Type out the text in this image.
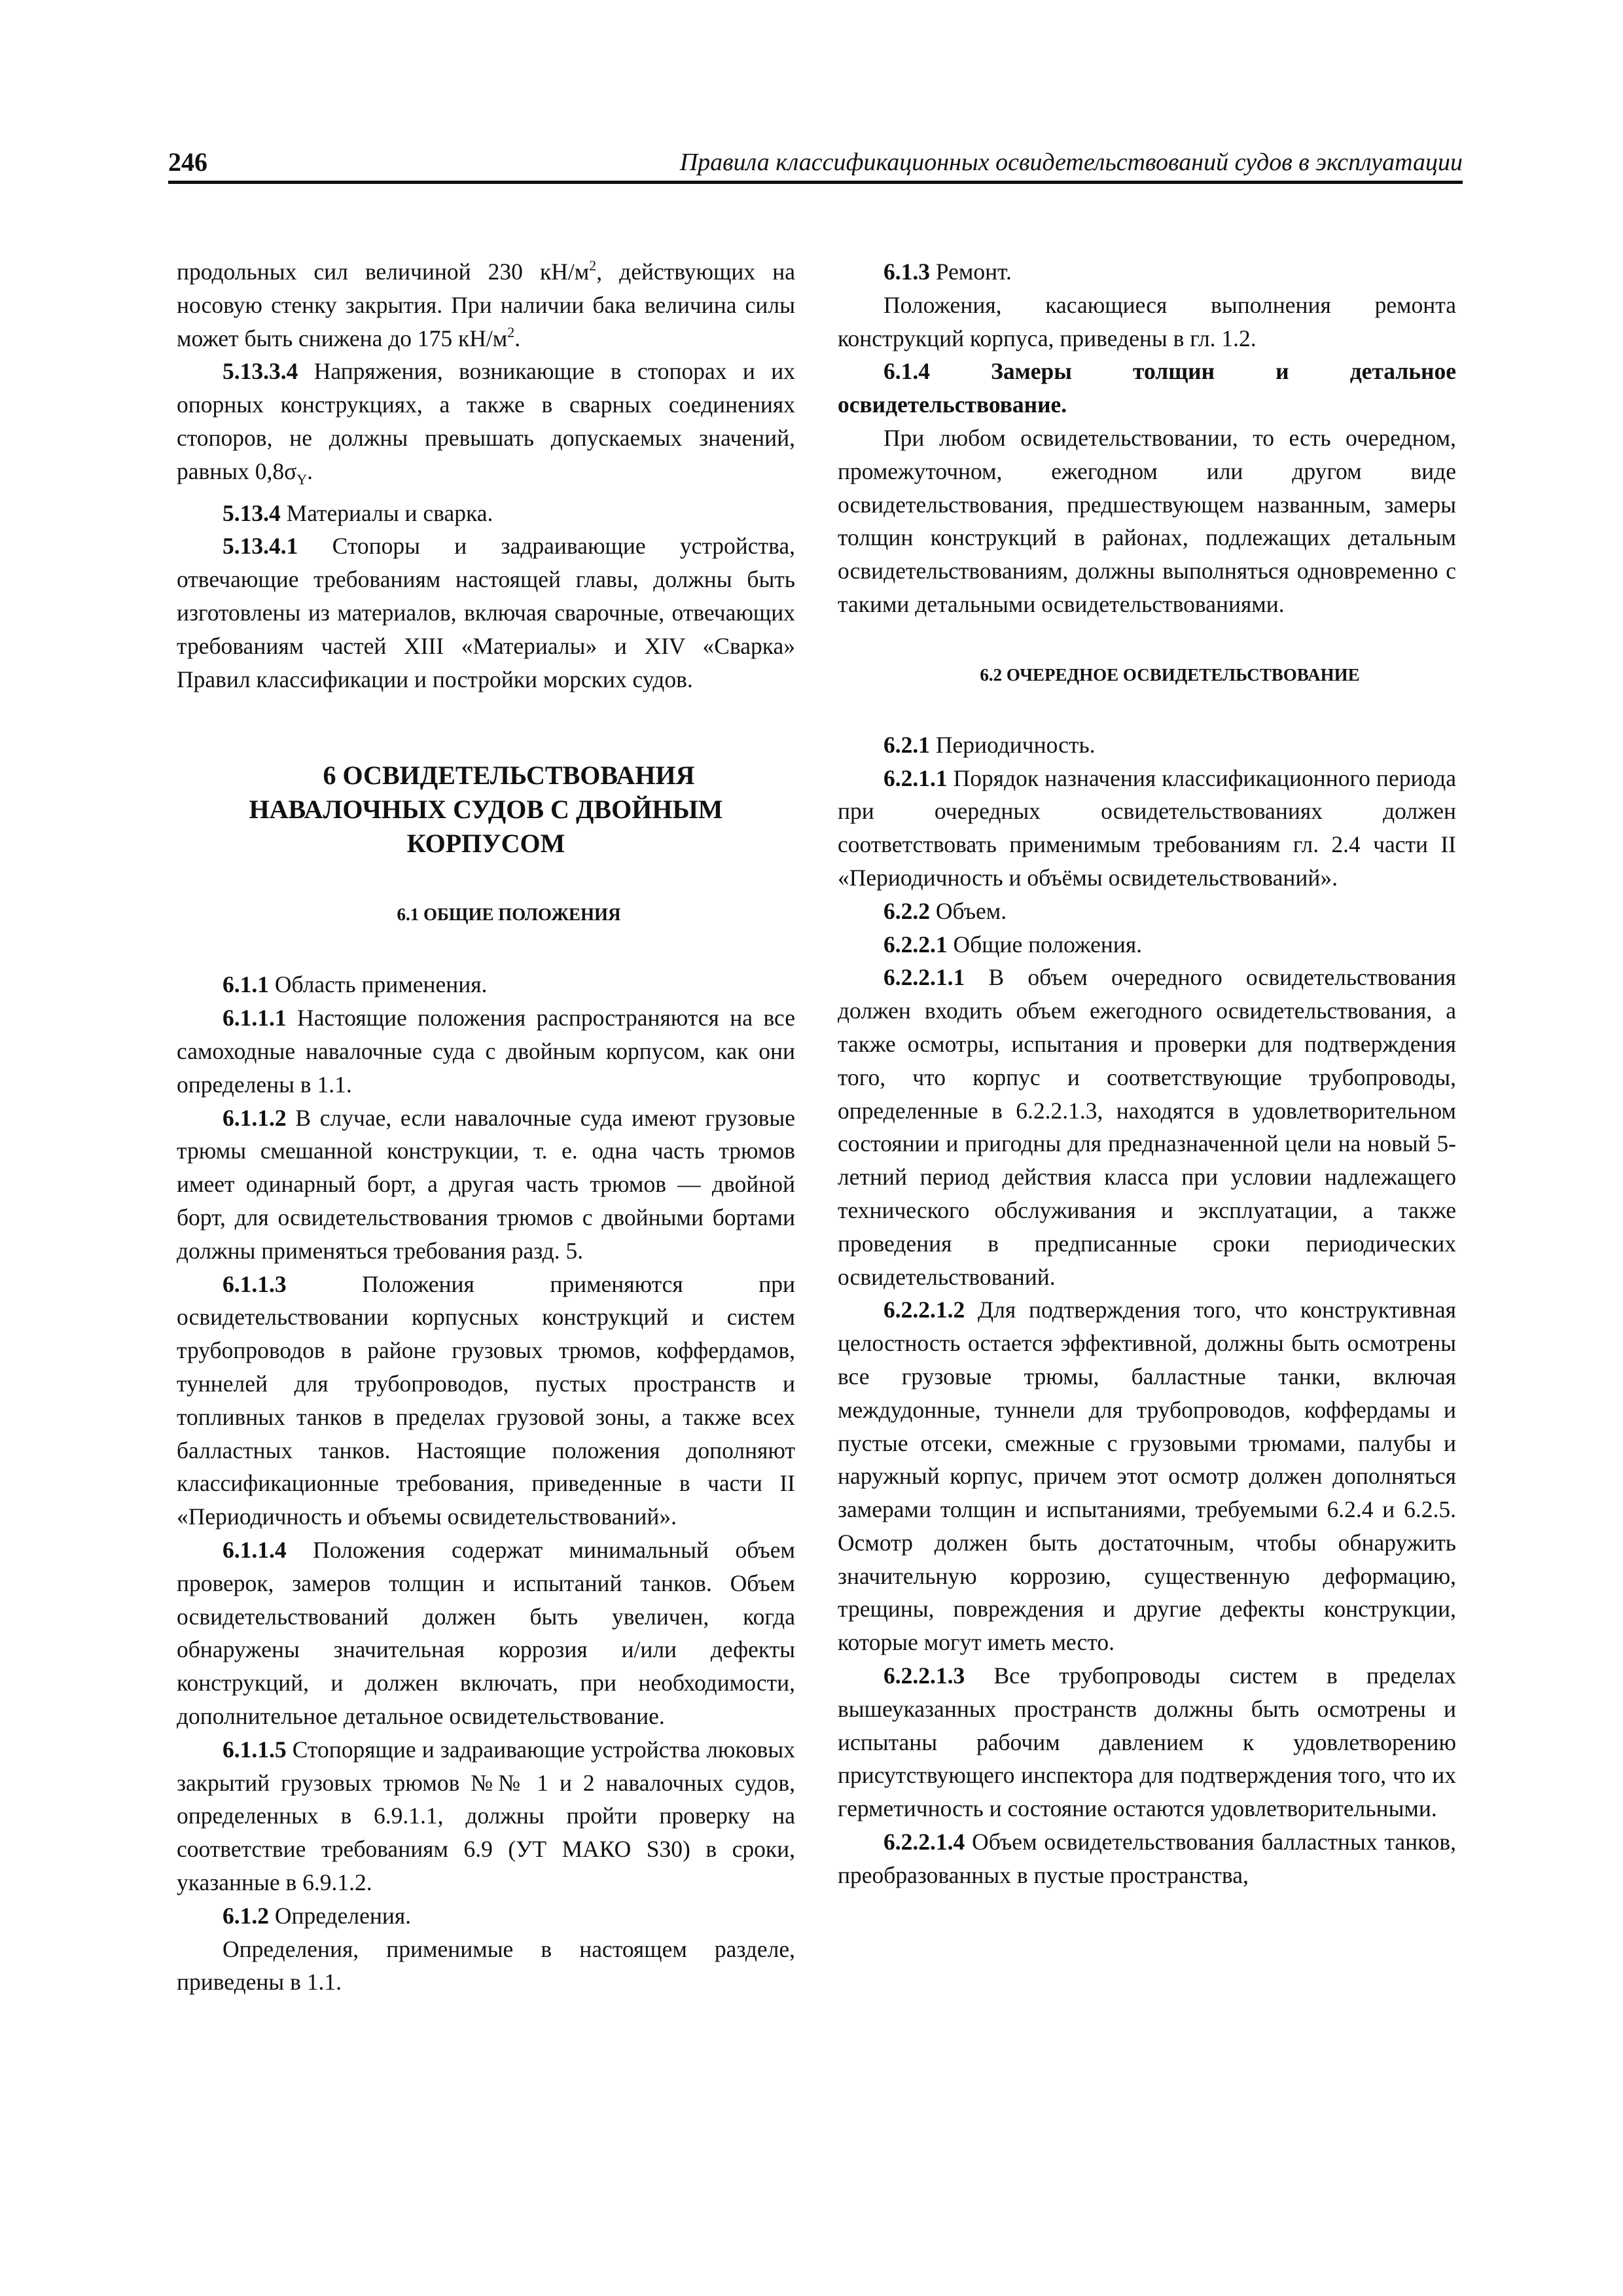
246	Правила классификационных освидетельствований судов в эксплуатации

продольных сил величиной 230 $кН/м^2$, действующих на носовую стенку закрытия. При наличии бака величина силы может быть снижена до 175 $кН/м^2$.

5.13.3.4 Напряжения, возникающие в стопорах и их опорных конструкциях, а также в сварных соединениях стопоров, не должны превышать допускаемых значений, равных $0,8\sigma_Y$.

5.13.4 Материалы и сварка.

5.13.4.1 Стопоры и задраивающие устройства, отвечающие требованиям настоящей главы, должны быть изготовлены из материалов, включая сварочные, отвечающих требованиям частей XIII «Материалы» и XIV «Сварка» Правил классификации и постройки морских судов.

6 ОСВИДЕТЕЛЬСТВОВАНИЯ НАВАЛОЧНЫХ СУДОВ С ДВОЙНЫМ КОРПУСОМ

6.1 ОБЩИЕ ПОЛОЖЕНИЯ

6.1.1 Область применения.

6.1.1.1 Настоящие положения распространяются на все самоходные навалочные суда с двойным корпусом, как они определены в 1.1.

6.1.1.2 В случае, если навалочные суда имеют грузовые трюмы смешанной конструкции, т. е. одна часть трюмов имеет одинарный борт, а другая часть трюмов — двойной борт, для освидетельствования трюмов с двойными бортами должны применяться требования разд. 5.

6.1.1.3 Положения применяются при освидетельствовании корпусных конструкций и систем трубопроводов в районе грузовых трюмов, коффердамов, туннелей для трубопроводов, пустых пространств и топливных танков в пределах грузовой зоны, а также всех балластных танков. Настоящие положения дополняют классификационные требования, приведенные в части II «Периодичность и объемы освидетельствований».

6.1.1.4 Положения содержат минимальный объем проверок, замеров толщин и испытаний танков. Объем освидетельствований должен быть увеличен, когда обнаружены значительная коррозия и/или дефекты конструкций, и должен включать, при необходимости, дополнительное детальное освидетельствование.

6.1.1.5 Стопорящие и задраивающие устройства люковых закрытий грузовых трюмов №№ 1 и 2 навалочных судов, определенных в 6.9.1.1, должны пройти проверку на соответствие требованиям 6.9 (УТ МАКО S30) в сроки, указанные в 6.9.1.2.

6.1.2 Определения.

Определения, применимые в настоящем разделе, приведены в 1.1.

6.1.3 Ремонт.

Положения, касающиеся выполнения ремонта конструкций корпуса, приведены в гл. 1.2.

6.1.4 Замеры толщин и детальное освидетельствование.

При любом освидетельствовании, то есть очередном, промежуточном, ежегодном или другом виде освидетельствования, предшествующем названным, замеры толщин конструкций в районах, подлежащих детальным освидетельствованиям, должны выполняться одновременно с такими детальными освидетельствованиями.

6.2 ОЧЕРЕДНОЕ ОСВИДЕТЕЛЬСТВОВАНИЕ

6.2.1 Периодичность.

6.2.1.1 Порядок назначения классификационного периода при очередных освидетельствованиях должен соответствовать применимым требованиям гл. 2.4 части II «Периодичность и объёмы освидетельствований».

6.2.2 Объем.

6.2.2.1 Общие положения.

6.2.2.1.1 В объем очередного освидетельствования должен входить объем ежегодного освидетельствования, а также осмотры, испытания и проверки для подтверждения того, что корпус и соответствующие трубопроводы, определенные в 6.2.2.1.3, находятся в удовлетворительном состоянии и пригодны для предназначенной цели на новый 5-летний период действия класса при условии надлежащего технического обслуживания и эксплуатации, а также проведения в предписанные сроки периодических освидетельствований.

6.2.2.1.2 Для подтверждения того, что конструктивная целостность остается эффективной, должны быть осмотрены все грузовые трюмы, балластные танки, включая междудонные, туннели для трубопроводов, коффердамы и пустые отсеки, смежные с грузовыми трюмами, палубы и наружный корпус, причем этот осмотр должен дополняться замерами толщин и испытаниями, требуемыми 6.2.4 и 6.2.5. Осмотр должен быть достаточным, чтобы обнаружить значительную коррозию, существенную деформацию, трещины, повреждения и другие дефекты конструкции, которые могут иметь место.

6.2.2.1.3 Все трубопроводы систем в пределах вышеуказанных пространств должны быть осмотрены и испытаны рабочим давлением к удовлетворению присутствующего инспектора для подтверждения того, что их герметичность и состояние остаются удовлетворительными.

6.2.2.1.4 Объем освидетельствования балластных танков, преобразованных в пустые пространства,
